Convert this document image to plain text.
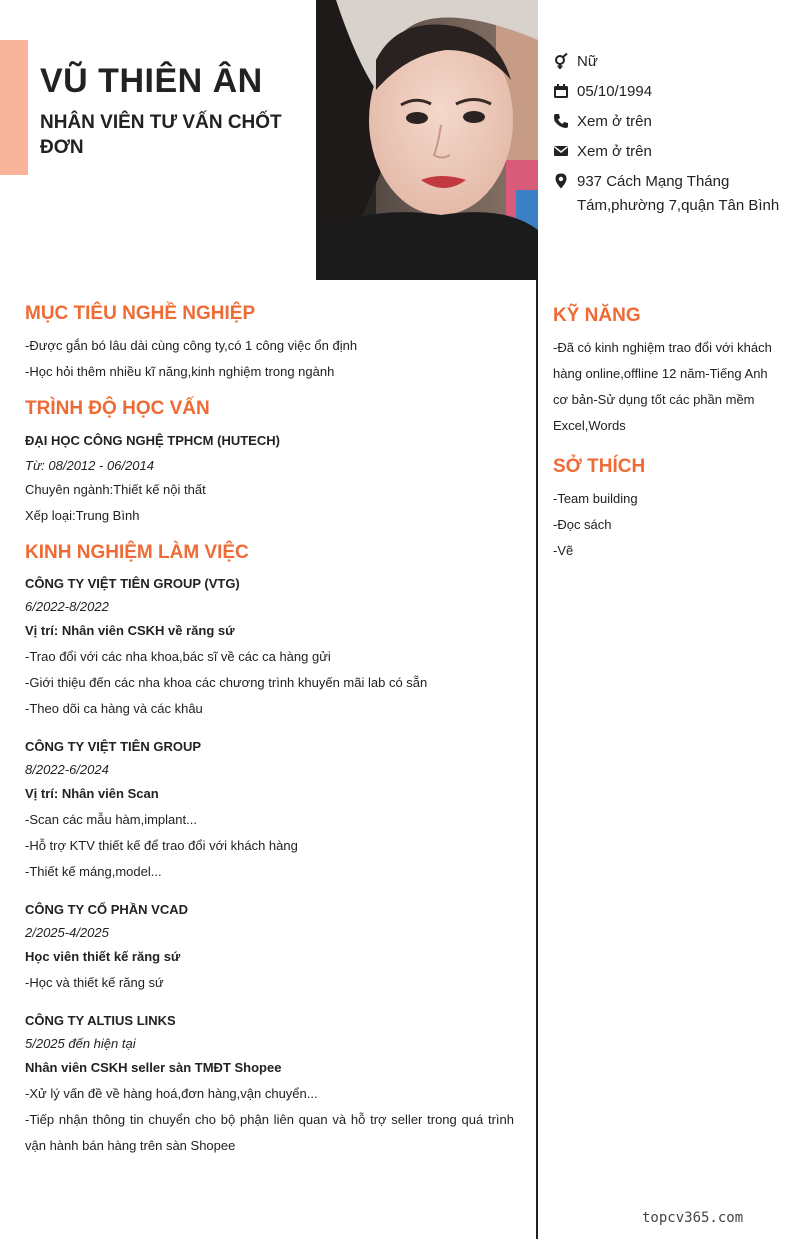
VŨ THIÊN ÂN
NHÂN VIÊN TƯ VẤN CHỐT ĐƠN
Nữ
05/10/1994
Xem ở trên
Xem ở trên
937 Cách Mạng Tháng Tám,phường 7,quận Tân Bình
MỤC TIÊU NGHỀ NGHIỆP
-Được gắn bó lâu dài cùng công ty,có 1 công việc ổn định
-Học hỏi thêm nhiều kĩ năng,kinh nghiệm trong ngành
TRÌNH ĐỘ HỌC VẤN
ĐẠI HỌC CÔNG NGHỆ TPHCM (HUTECH)
Từ: 08/2012 - 06/2014
Chuyên ngành:Thiết kế nội thất
Xếp loại:Trung Bình
KINH NGHIỆM LÀM VIỆC
CÔNG TY VIỆT TIÊN GROUP (VTG)
6/2022-8/2022
Vị trí: Nhân viên CSKH về răng sứ
-Trao đổi với các nha khoa,bác sĩ về các ca hàng gửi
-Giới thiệu đến các nha khoa các chương trình khuyến mãi lab có sẵn
-Theo dõi ca hàng và các khâu
CÔNG TY VIỆT TIÊN GROUP
8/2022-6/2024
Vị trí: Nhân viên Scan
-Scan các mẫu hàm,implant...
-Hỗ trợ KTV thiết kế để trao đổi với khách hàng
-Thiết kế máng,model...
CÔNG TY CỔ PHẦN VCAD
2/2025-4/2025
Học viên thiết kế răng sứ
-Học và thiết kế răng sứ
CÔNG TY ALTIUS LINKS
5/2025 đến hiện tại
Nhân viên CSKH seller sàn TMĐT Shopee
-Xử lý vấn đề về hàng hoá,đơn hàng,vận chuyển...
-Tiếp nhận thông tin chuyển cho bộ phận liên quan và hỗ trợ seller trong quá trình vận hành bán hàng trên sàn Shopee
KỸ NĂNG
-Đã có kinh nghiệm trao đổi với khách hàng online,offline 12 năm-Tiếng Anh cơ bản-Sử dụng tốt các phần mềm Excel,Words
SỞ THÍCH
-Team building
-Đọc sách
-Vẽ
topcv365.com
